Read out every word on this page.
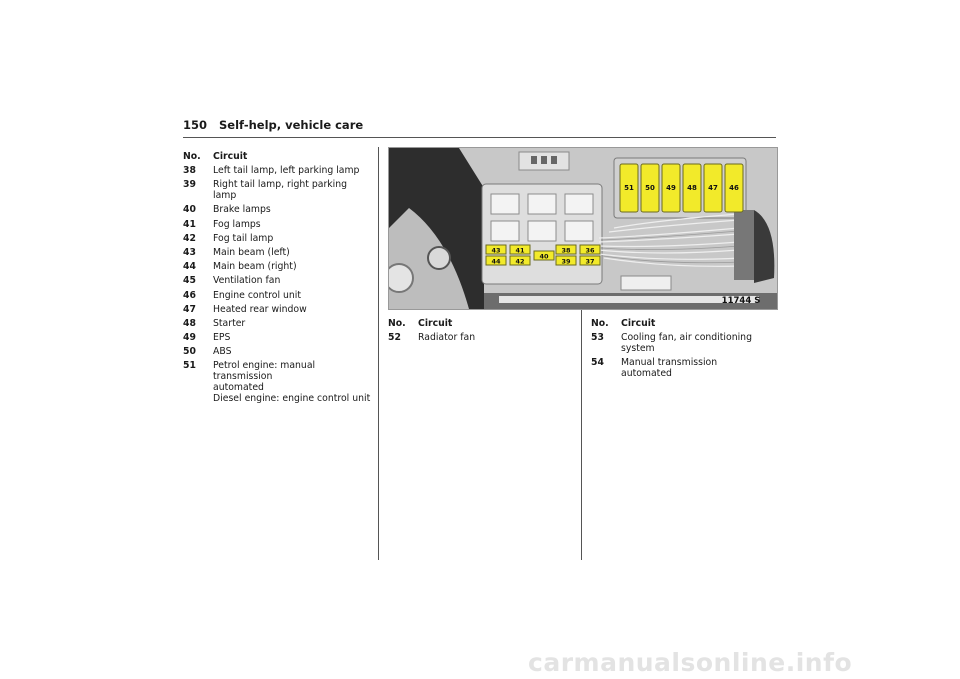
150 Self-help, vehicle care
No.	Circuit
38	Left tail lamp, left parking lamp
39	Right tail lamp, right parking lamp
40	Brake lamps
41	Fog lamps
42	Fog tail lamp
43	Main beam (left)
44	Main beam (right)
45	Ventilation fan
46	Engine control unit
47	Heated rear window
48	Starter
49	EPS
50	ABS
51	Petrol engine: manual transmission
automated
Diesel engine: engine control unit
11744 S
51 50 49 48 47 46
43 41	38 36
44 42
40
39 37
No.	Circuit
52	Radiator fan
No.	Circuit
53	Cooling fan, air conditioning
system
54	Manual transmission automated
carmanualsonline.info
